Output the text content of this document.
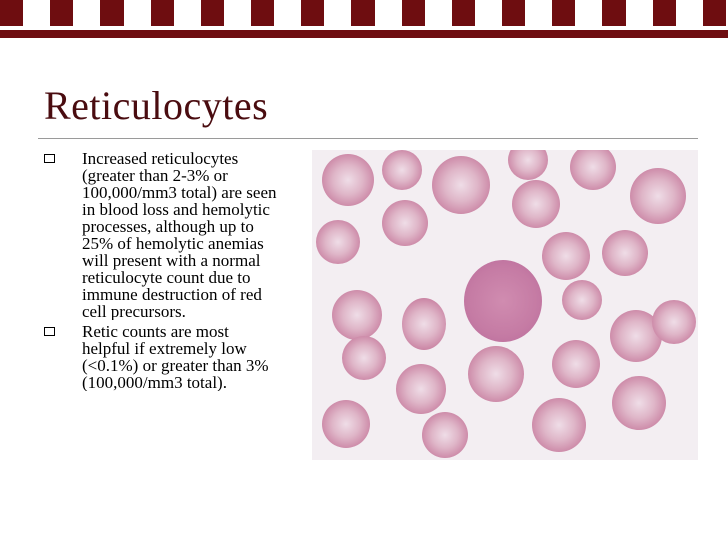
Reticulocytes
Increased reticulocytes
(greater than 2-3% or
100,000/mm3 total) are seen
in blood loss and hemolytic
processes, although up to
25% of hemolytic anemias
will present with a normal
reticulocyte count due to
immune destruction of red
cell precursors.
Retic counts are most
helpful if extremely low
(<0.1%) or greater than 3%
(100,000/mm3 total).
